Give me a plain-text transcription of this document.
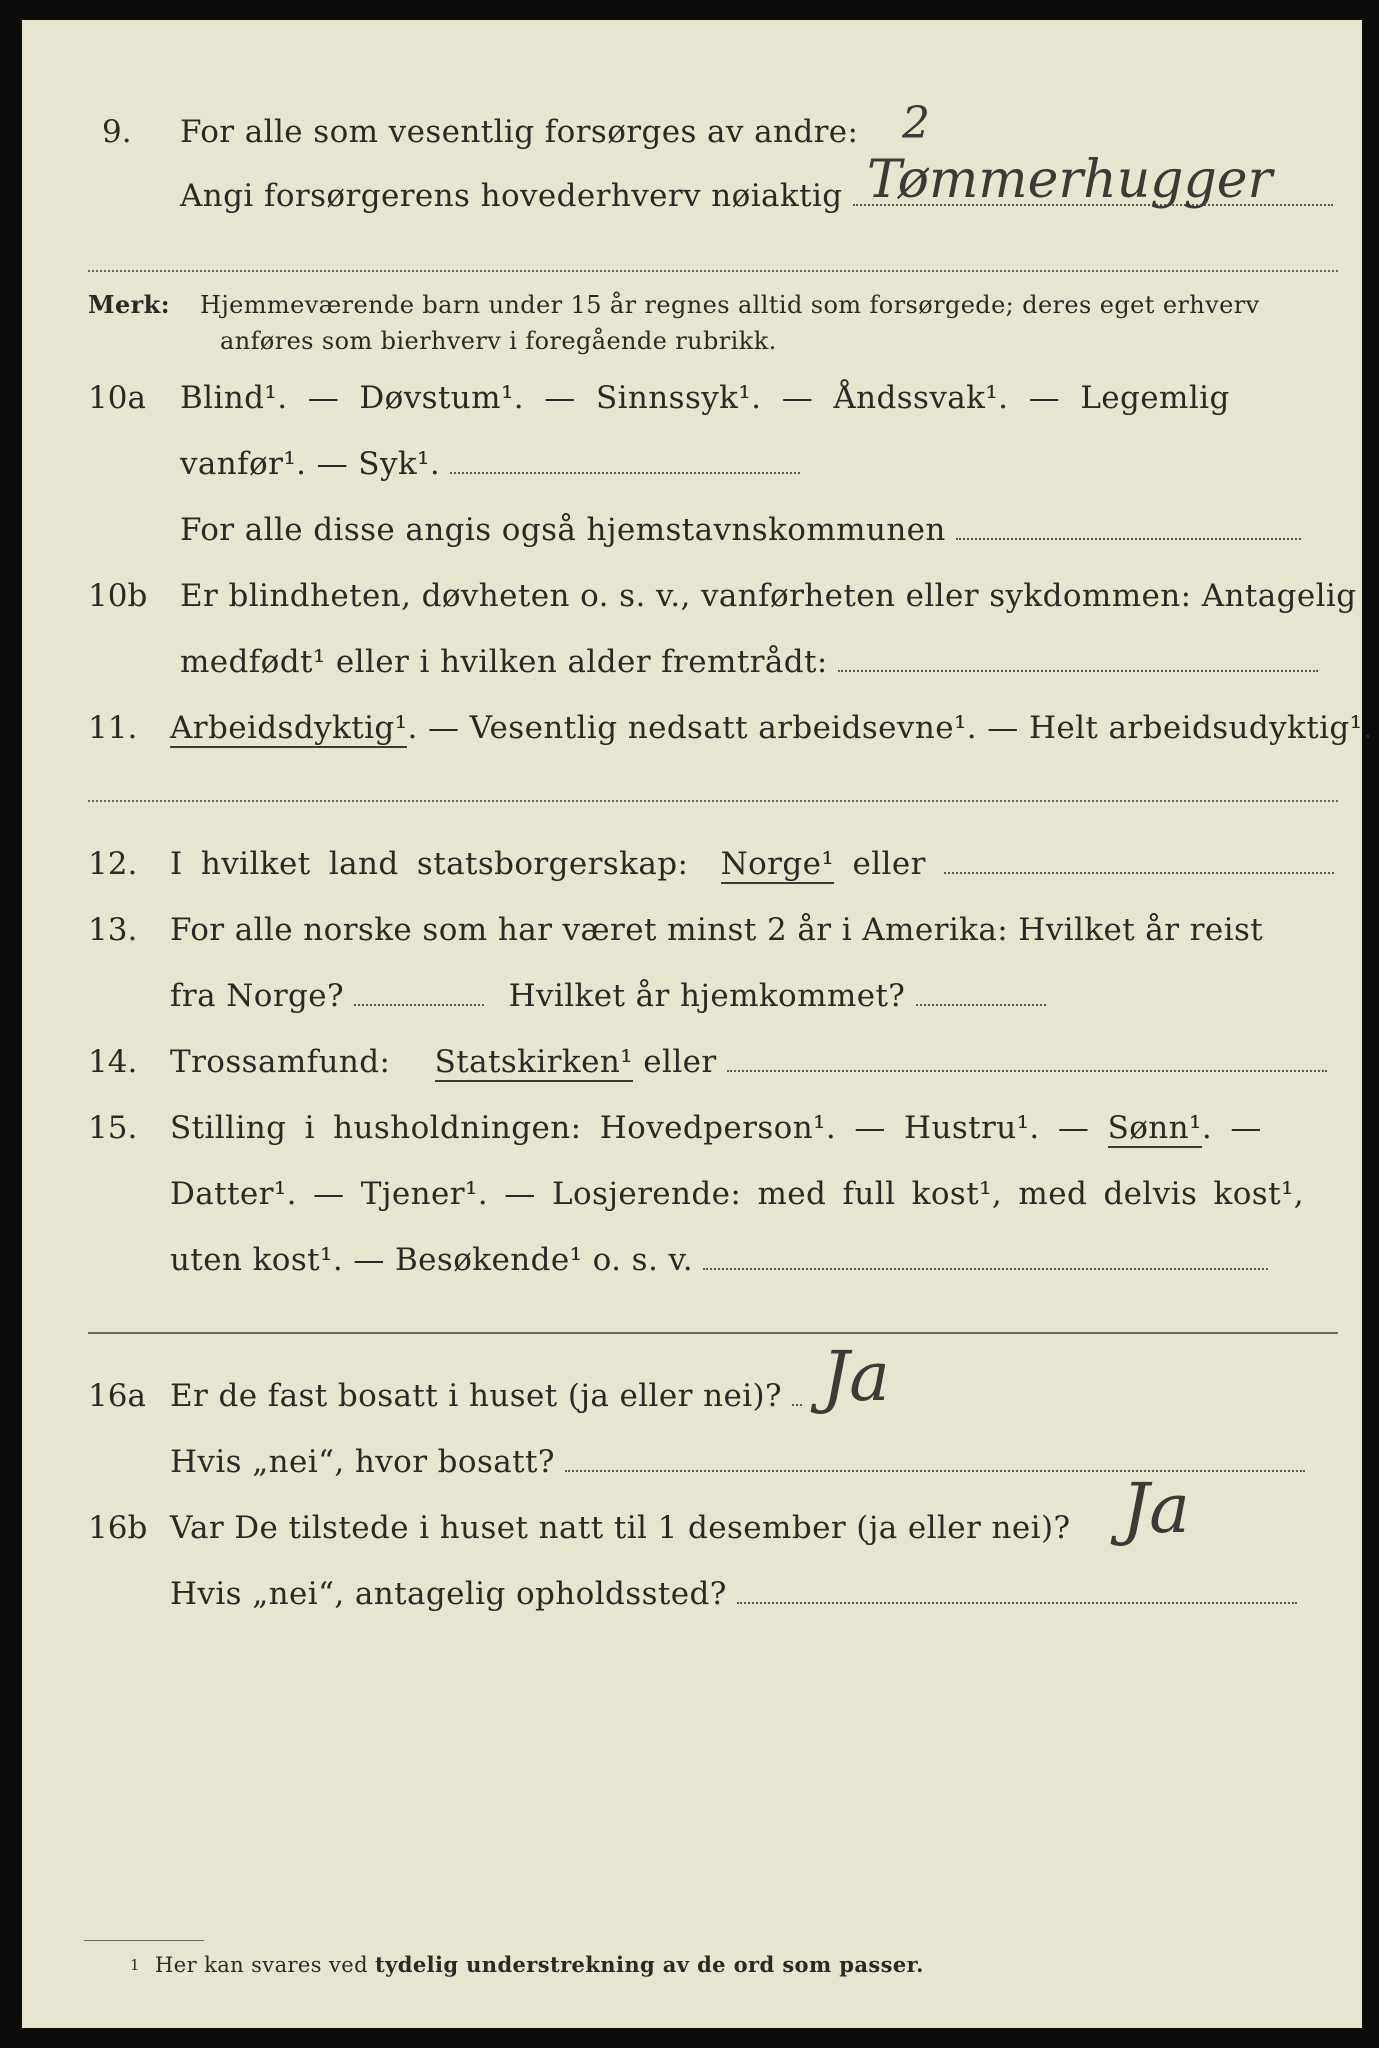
9. For alle som vesentlig forsørges av andre: 2
Angi forsørgerens hovederhverv nøiaktig Tømmerhugger
Merk: Hjemmeværende barn under 15 år regnes alltid som forsørgede; deres eget erhverv
anføres som bierhverv i foregående rubrikk.
10a Blind¹. — Døvstum¹. — Sinnssyk¹. — Åndssvak¹. — Legemlig
vanfør¹. — Syk¹.
For alle disse angis også hjemstavnskommunen
10b Er blindheten, døvheten o. s. v., vanførheten eller sykdommen: Antagelig
medfødt¹ eller i hvilken alder fremtrådt:
11. Arbeidsdyktig¹. — Vesentlig nedsatt arbeidsevne¹. — Helt arbeidsudyktig¹.
12. I hvilket land statsborgerskap: Norge¹ eller
13. For alle norske som har været minst 2 år i Amerika: Hvilket år reist
fra Norge?	Hvilket år hjemkommet?
14. Trossamfund: Statskirken¹ eller
15. Stilling i husholdningen: Hovedperson¹. — Hustru¹. — Sønn¹. —
Datter¹. — Tjener¹. — Losjerende: med full kost¹, med delvis kost¹,
uten kost¹. — Besøkende¹ o. s. v.
16a Er de fast bosatt i huset (ja eller nei)? Ja
Hvis „nei“, hvor bosatt?
16b Var De tilstede i huset natt til 1 desember (ja eller nei)? Ja
Hvis „nei“, antagelig opholdssted?
$^1$ Her kan svares ved tydelig understrekning av de ord som passer.
